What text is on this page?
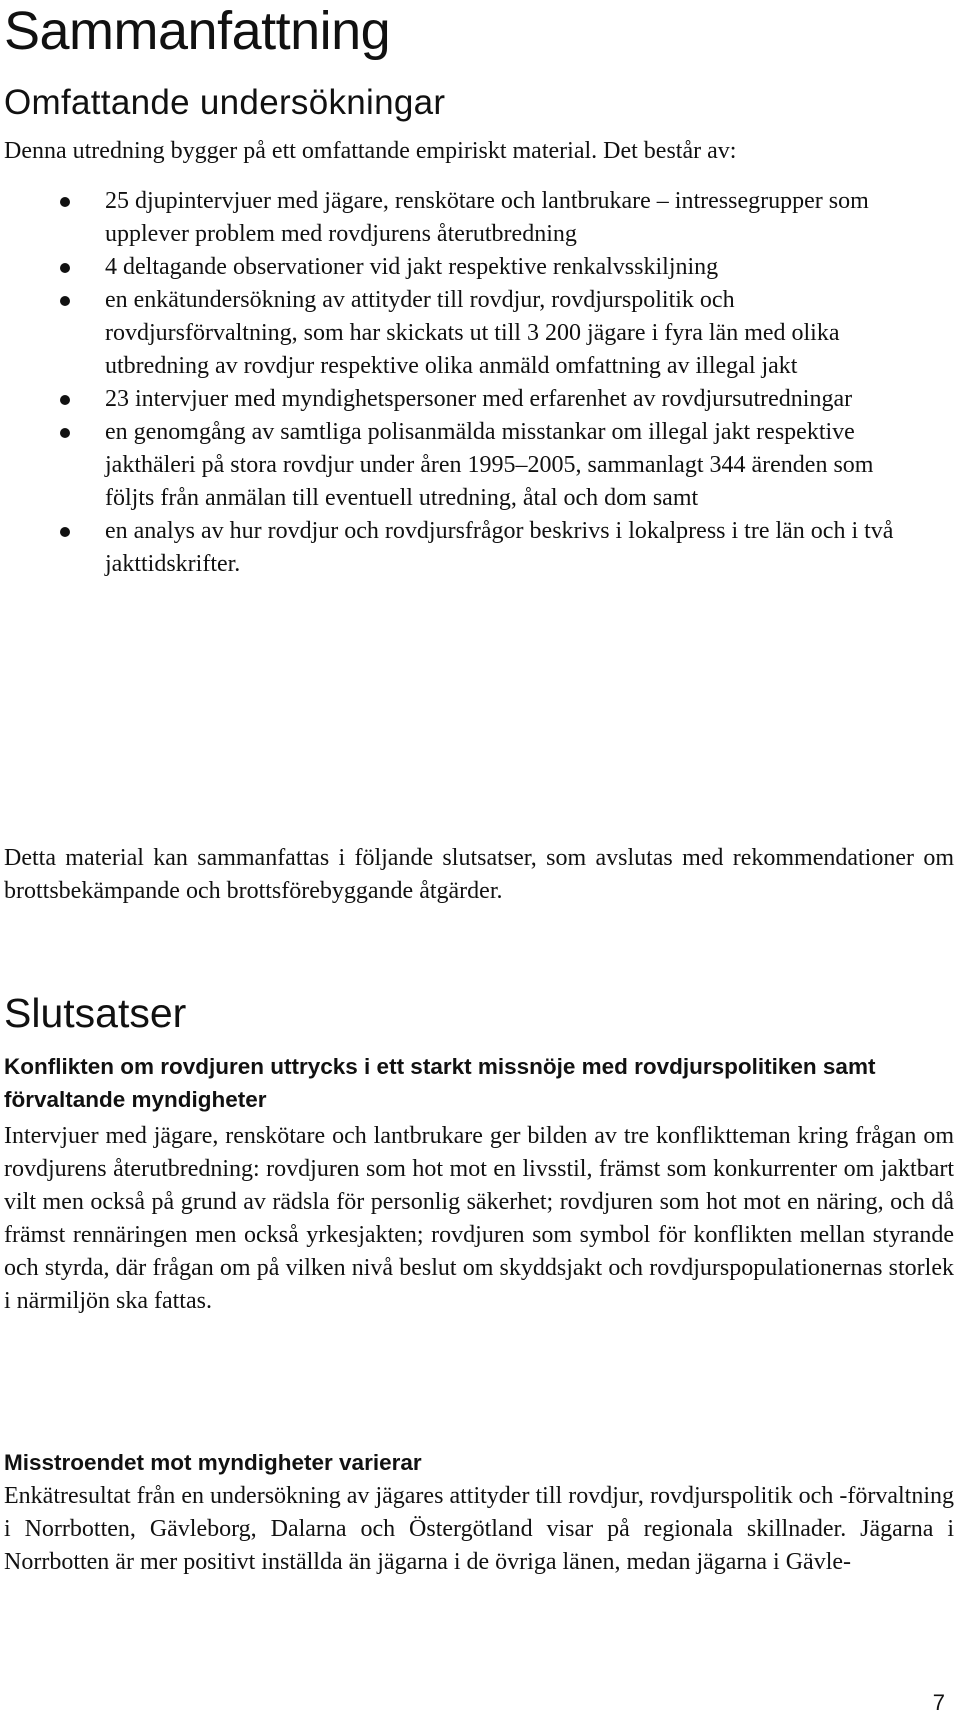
Sammanfattning
Omfattande undersökningar

Denna utredning bygger på ett omfattande empiriskt material. Det består av:

25 djupintervjuer med jägare, renskötare och lantbrukare – intressegrupper som upplever problem med rovdjurens återutbredning
4 deltagande observationer vid jakt respektive renkalvsskiljning
en enkätundersökning av attityder till rovdjur, rovdjurspolitik och rovdjursförvaltning, som har skickats ut till 3 200 jägare i fyra län med olika utbredning av rovdjur respektive olika anmäld omfattning av illegal jakt
23 intervjuer med myndighetspersoner med erfarenhet av rovdjursutredningar
en genomgång av samtliga polisanmälda misstankar om illegal jakt respektive jakthäleri på stora rovdjur under åren 1995–2005, sammanlagt 344 ärenden som följts från anmälan till eventuell utredning, åtal och dom samt
en analys av hur rovdjur och rovdjursfrågor beskrivs i lokalpress i tre län och i två jakttidskrifter.

Detta material kan sammanfattas i följande slutsatser, som avslutas med rekommendationer om brottsbekämpande och brottsförebyggande åtgärder.

Slutsatser
Konflikten om rovdjuren uttrycks i ett starkt missnöje med rovdjurspolitiken samt förvaltande myndigheter

Intervjuer med jägare, renskötare och lantbrukare ger bilden av tre konfliktteman kring frågan om rovdjurens återutbredning: rovdjuren som hot mot en livsstil, främst som konkurrenter om jaktbart vilt men också på grund av rädsla för personlig säkerhet; rovdjuren som hot mot en näring, och då främst rennäringen men också yrkesjakten; rovdjuren som symbol för konflikten mellan styrande och styrda, där frågan om på vilken nivå beslut om skyddsjakt och rovdjurspopulationernas storlek i närmiljön ska fattas.

Misstroendet mot myndigheter varierar

Enkätresultat från en undersökning av jägares attityder till rovdjur, rovdjurspolitik och -förvaltning i Norrbotten, Gävleborg, Dalarna och Östergötland visar på regionala skillnader. Jägarna i Norrbotten är mer positivt inställda än jägarna i de övriga länen, medan jägarna i Gävle-

7
